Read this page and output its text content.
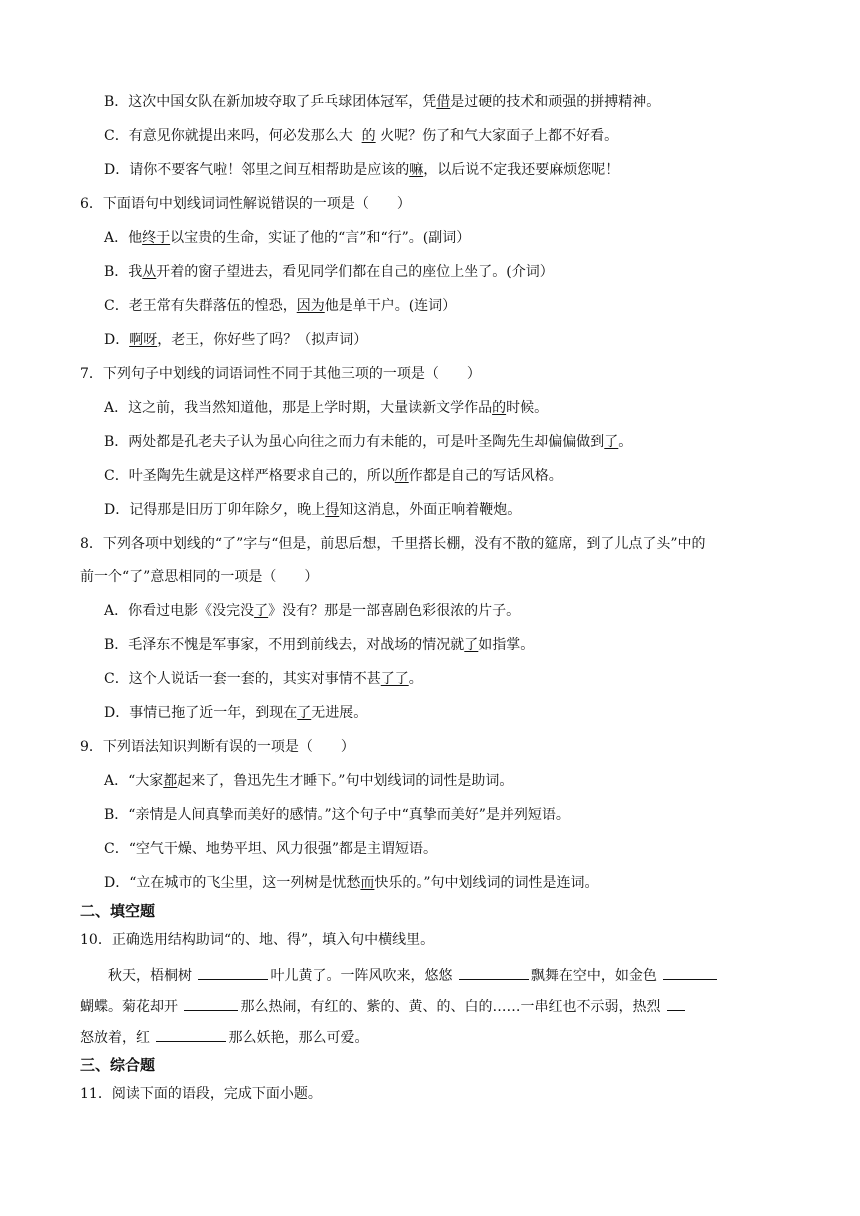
B．这次中国女队在新加坡夺取了乒乓球团体冠军，凭借是过硬的技术和顽强的拼搏精神。
C．有意见你就提出来吗，何必发那么大  的 火呢？伤了和气大家面子上都不好看。
D．请你不要客气啦！邻里之间互相帮助是应该的嘛，以后说不定我还要麻烦您呢！
6．下面语句中划线词词性解说错误的一项是（　　）
A．他终于以宝贵的生命，实证了他的“言”和“行”。(副词）
B．我从开着的窗子望进去，看见同学们都在自己的座位上坐了。(介词）
C．老王常有失群落伍的惶恐，因为他是单干户。(连词）
D．啊呀，老王，你好些了吗？（拟声词）
7．下列句子中划线的词语词性不同于其他三项的一项是（　　）
A．这之前，我当然知道他，那是上学时期，大量读新文学作品的时候。
B．两处都是孔老夫子认为虽心向往之而力有未能的，可是叶圣陶先生却偏偏做到了。
C．叶圣陶先生就是这样严格要求自己的，所以所作都是自己的写话风格。
D．记得那是旧历丁卯年除夕，晚上得知这消息，外面正响着鞭炮。
8．下列各项中划线的“了”字与“但是，前思后想，千里搭长棚，没有不散的筵席，到了儿点了头”中的
前一个“了”意思相同的一项是（　　）
A．你看过电影《没完没了》没有？那是一部喜剧色彩很浓的片子。
B．毛泽东不愧是军事家，不用到前线去，对战场的情况就了如指掌。
C．这个人说话一套一套的，其实对事情不甚了了。
D．事情已拖了近一年，到现在了无进展。
9．下列语法知识判断有误的一项是（　　）
A．“大家都起来了，鲁迅先生才睡下。”句中划线词的词性是助词。
B．“亲情是人间真挚而美好的感情。”这个句子中“真挚而美好”是并列短语。
C．“空气干燥、地势平坦、风力很强”都是主谓短语。
D．“立在城市的飞尘里，这一列树是忧愁而快乐的。”句中划线词的词性是连词。
二、填空题
10．正确选用结构助词“的、地、得”，填入句中横线里。
秋天，梧桐树	叶儿黄了。一阵风吹来，悠悠	飘舞在空中，如金色
蝴蝶。菊花却开	那么热闹，有红的、紫的、黄、的、白的……一串红也不示弱，热烈
怒放着，红	那么妖艳，那么可爱。
三、综合题
11．阅读下面的语段，完成下面小题。
